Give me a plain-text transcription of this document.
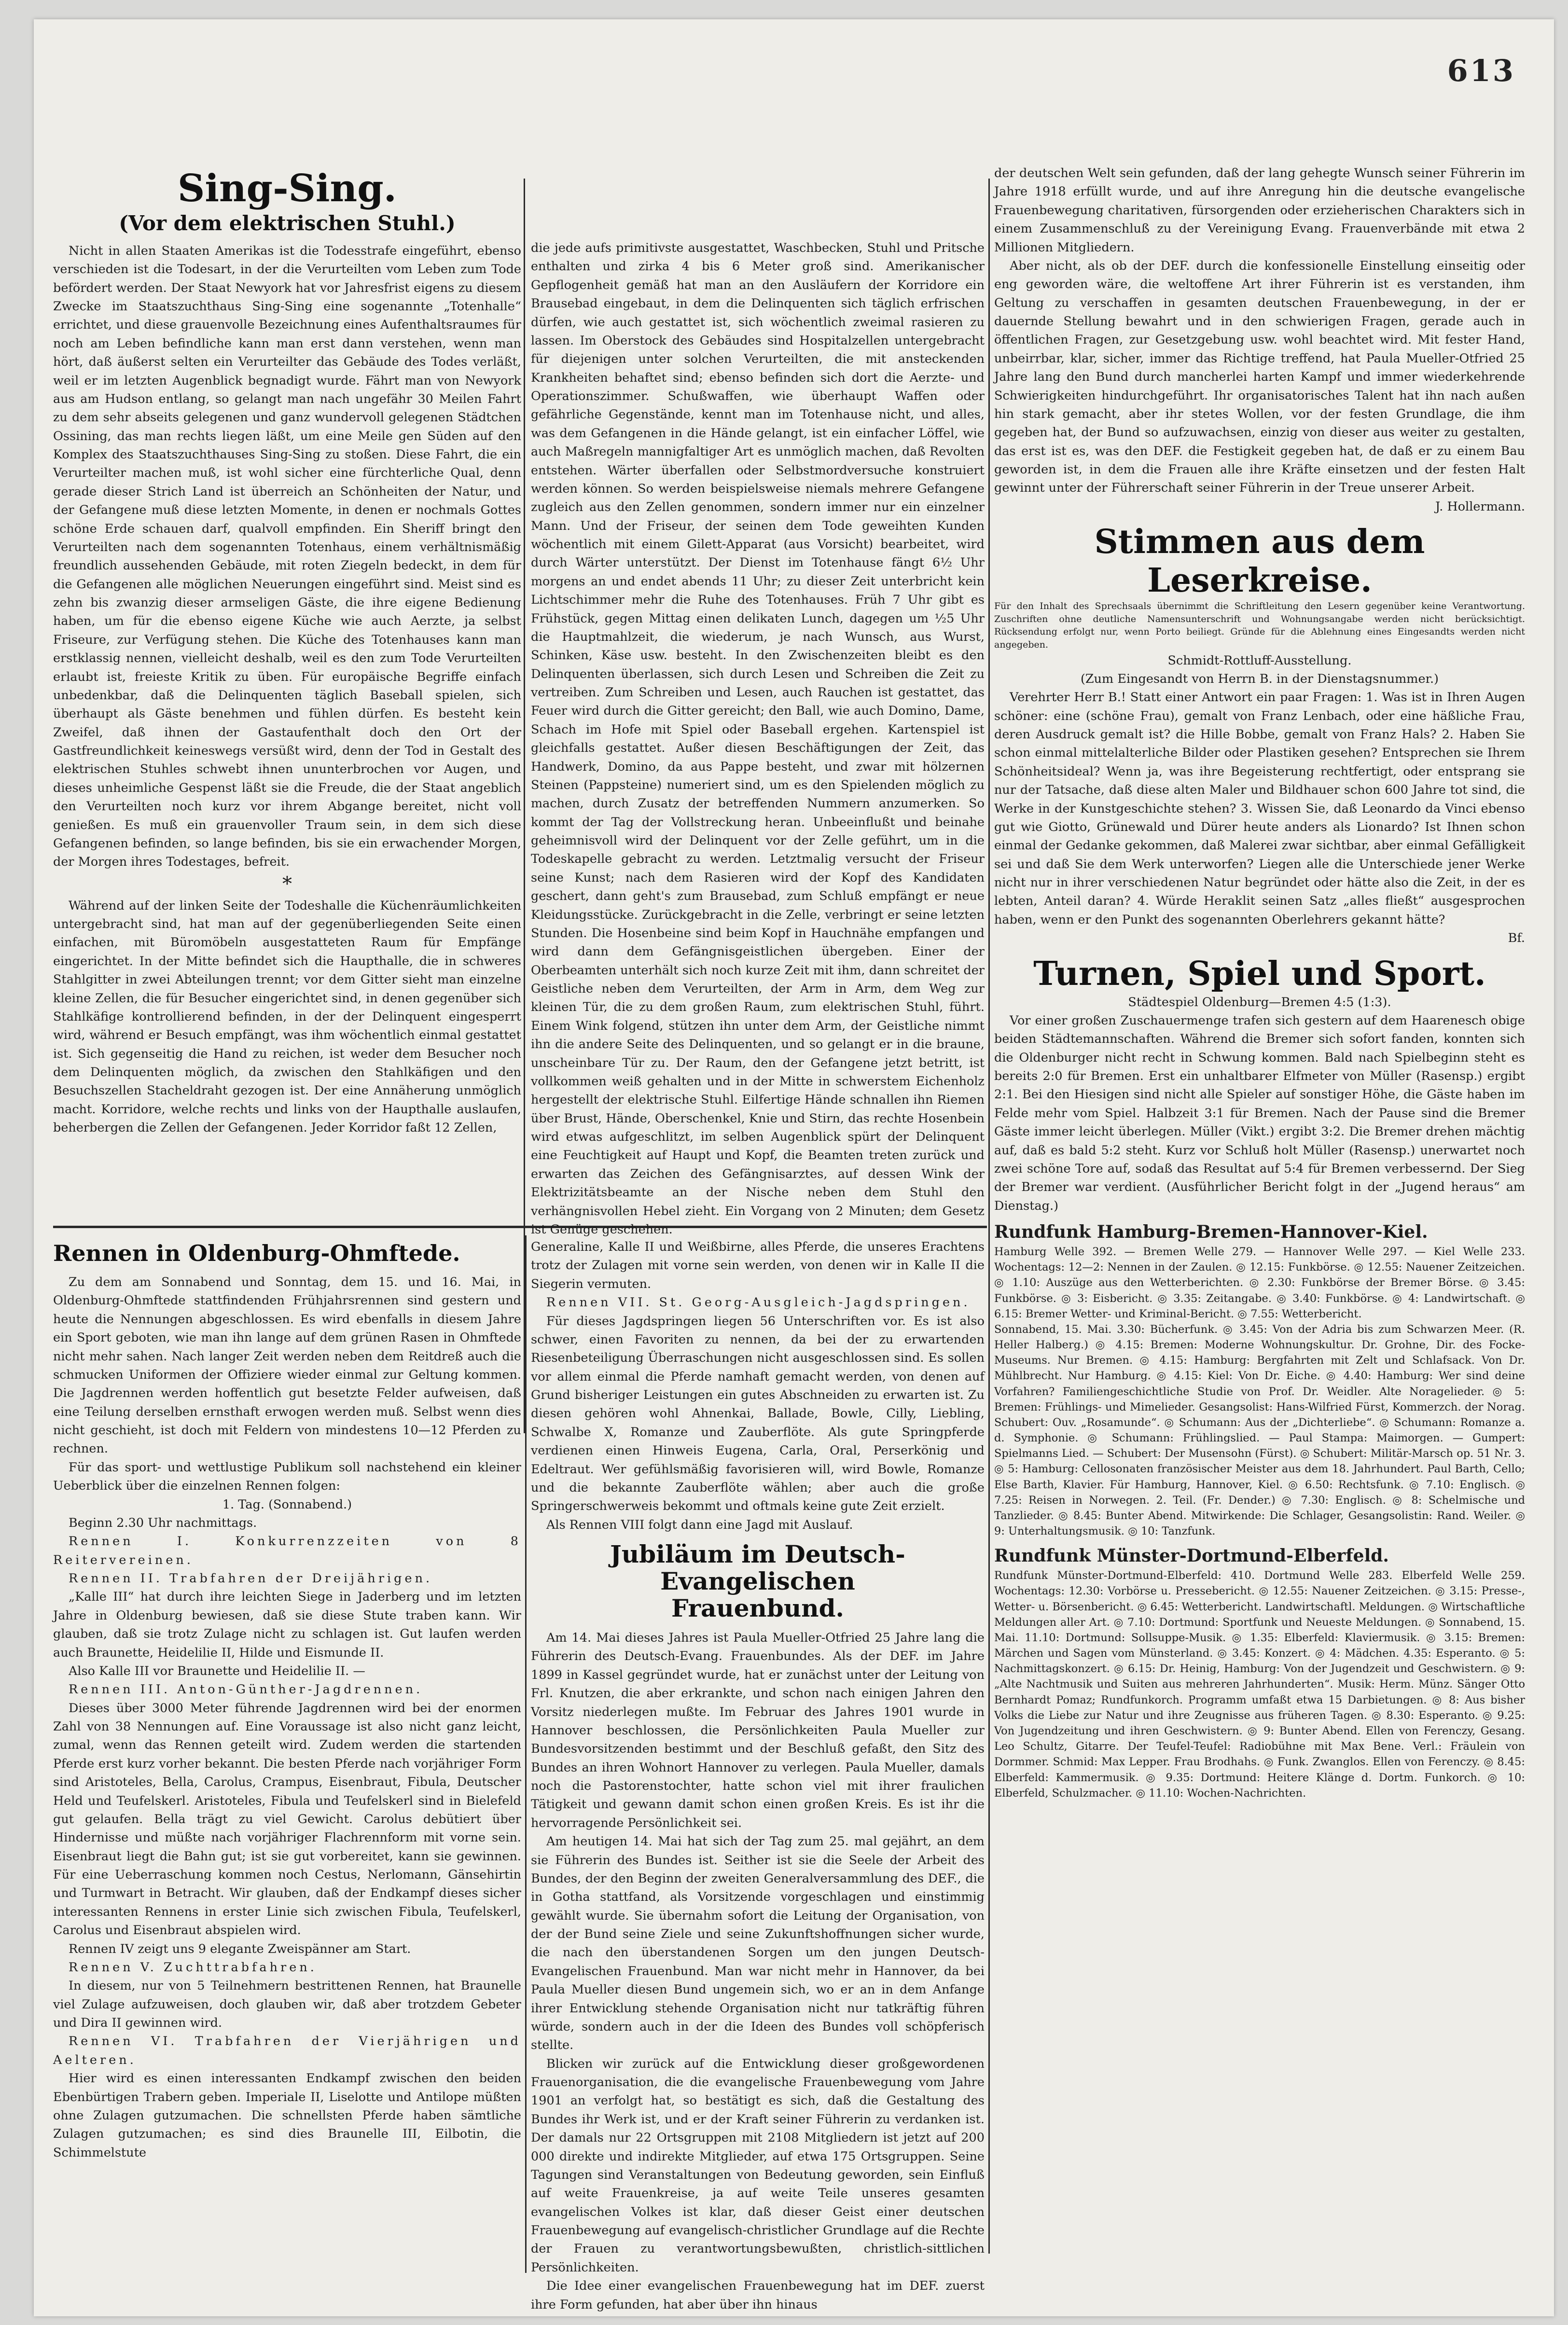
613
Sing-Sing.
(Vor dem elektrischen Stuhl.)

Nicht in allen Staaten Amerikas ist die Todesstrafe eingeführt, ebenso verschieden ist die Todesart, in der die Verurteilten vom Leben zum Tode befördert werden. Der Staat Newyork hat vor Jahresfrist eigens zu diesem Zwecke im Staatszuchthaus Sing-Sing eine sogenannte „Totenhalle“ errichtet, und diese grauenvolle Bezeichnung eines Aufenthaltsraumes für noch am Leben befindliche kann man erst dann verstehen, wenn man hört, daß äußerst selten ein Verurteilter das Gebäude des Todes verläßt, weil er im letzten Augenblick begnadigt wurde. Fährt man von Newyork aus am Hudson entlang, so gelangt man nach ungefähr 30 Meilen Fahrt zu dem sehr abseits gelegenen und ganz wundervoll gelegenen Städtchen Ossining, das man rechts liegen läßt, um eine Meile gen Süden auf den Komplex des Staatszuchthauses Sing-Sing zu stoßen. Diese Fahrt, die ein Verurteilter machen muß, ist wohl sicher eine fürchterliche Qual, denn gerade dieser Strich Land ist überreich an Schönheiten der Natur, und der Gefangene muß diese letzten Momente, in denen er nochmals Gottes schöne Erde schauen darf, qualvoll empfinden. Ein Sheriff bringt den Verurteilten nach dem sogenannten Totenhaus, einem verhältnismäßig freundlich aussehenden Gebäude, mit roten Ziegeln bedeckt, in dem für die Gefangenen alle möglichen Neuerungen eingeführt sind. Meist sind es zehn bis zwanzig dieser armseligen Gäste, die ihre eigene Bedienung haben, um für die ebenso eigene Küche wie auch Aerzte, ja selbst Friseure, zur Verfügung stehen. Die Küche des Totenhauses kann man erstklassig nennen, vielleicht deshalb, weil es den zum Tode Verurteilten erlaubt ist, freieste Kritik zu üben. Für europäische Begriffe einfach unbedenkbar, daß die Delinquenten täglich Baseball spielen, sich überhaupt als Gäste benehmen und fühlen dürfen. Es besteht kein Zweifel, daß ihnen der Gastaufenthalt doch den Ort der Gastfreundlichkeit keineswegs versüßt wird, denn der Tod in Gestalt des elektrischen Stuhles schwebt ihnen ununterbrochen vor Augen, und dieses unheimliche Gespenst läßt sie die Freude, die der Staat angeblich den Verurteilten noch kurz vor ihrem Abgange bereitet, nicht voll genießen. Es muß ein grauenvoller Traum sein, in dem sich diese Gefangenen befinden, so lange befinden, bis sie ein erwachender Morgen, der Morgen ihres Todestages, befreit.

*

Während auf der linken Seite der Todeshalle die Küchenräumlichkeiten untergebracht sind, hat man auf der gegenüberliegenden Seite einen einfachen, mit Büromöbeln ausgestatteten Raum für Empfänge eingerichtet. In der Mitte befindet sich die Haupthalle, die in schweres Stahlgitter in zwei Abteilungen trennt; vor dem Gitter sieht man einzelne kleine Zellen, die für Besucher eingerichtet sind, in denen gegenüber sich Stahlkäfige kontrollierend befinden, in der der Delinquent eingesperrt wird, während er Besuch empfängt, was ihm wöchentlich einmal gestattet ist. Sich gegenseitig die Hand zu reichen, ist weder dem Besucher noch dem Delinquenten möglich, da zwischen den Stahlkäfigen und den Besuchszellen Stacheldraht gezogen ist. Der eine Annäherung unmöglich macht. Korridore, welche rechts und links von der Haupthalle auslaufen, beherbergen die Zellen der Gefangenen. Jeder Korridor faßt 12 Zellen,

die jede aufs primitivste ausgestattet, Waschbecken, Stuhl und Pritsche enthalten und zirka 4 bis 6 Meter groß sind. Amerikanischer Gepflogenheit gemäß hat man an den Ausläufern der Korridore ein Brausebad eingebaut, in dem die Delinquenten sich täglich erfrischen dürfen, wie auch gestattet ist, sich wöchentlich zweimal rasieren zu lassen. Im Oberstock des Gebäudes sind Hospitalzellen untergebracht für diejenigen unter solchen Verurteilten, die mit ansteckenden Krankheiten behaftet sind; ebenso befinden sich dort die Aerzte- und Operationszimmer. Schußwaffen, wie überhaupt Waffen oder gefährliche Gegenstände, kennt man im Totenhause nicht, und alles, was dem Gefangenen in die Hände gelangt, ist ein einfacher Löffel, wie auch Maßregeln mannigfaltiger Art es unmöglich machen, daß Revolten entstehen. Wärter überfallen oder Selbstmordversuche konstruiert werden können. So werden beispielsweise niemals mehrere Gefangene zugleich aus den Zellen genommen, sondern immer nur ein einzelner Mann. Und der Friseur, der seinen dem Tode geweihten Kunden wöchentlich mit einem Gilett-Apparat (aus Vorsicht) bearbeitet, wird durch Wärter unterstützt. Der Dienst im Totenhause fängt 6½ Uhr morgens an und endet abends 11 Uhr; zu dieser Zeit unterbricht kein Lichtschimmer mehr die Ruhe des Totenhauses. Früh 7 Uhr gibt es Frühstück, gegen Mittag einen delikaten Lunch, dagegen um ½5 Uhr die Hauptmahlzeit, die wiederum, je nach Wunsch, aus Wurst, Schinken, Käse usw. besteht. In den Zwischenzeiten bleibt es den Delinquenten überlassen, sich durch Lesen und Schreiben die Zeit zu vertreiben. Zum Schreiben und Lesen, auch Rauchen ist gestattet, das Feuer wird durch die Gitter gereicht; den Ball, wie auch Domino, Dame, Schach im Hofe mit Spiel oder Baseball ergehen. Kartenspiel ist gleichfalls gestattet. Außer diesen Beschäftigungen der Zeit, das Handwerk, Domino, da aus Pappe besteht, und zwar mit hölzernen Steinen (Pappsteine) numeriert sind, um es den Spielenden möglich zu machen, durch Zusatz der betreffenden Nummern anzumerken. So kommt der Tag der Vollstreckung heran. Unbeeinflußt und beinahe geheimnisvoll wird der Delinquent vor der Zelle geführt, um in die Todeskapelle gebracht zu werden. Letztmalig versucht der Friseur seine Kunst; nach dem Rasieren wird der Kopf des Kandidaten geschert, dann geht's zum Brausebad, zum Schluß empfängt er neue Kleidungsstücke. Zurückgebracht in die Zelle, verbringt er seine letzten Stunden. Die Hosenbeine sind beim Kopf in Hauchnähe empfangen und wird dann dem Gefängnisgeistlichen übergeben. Einer der Oberbeamten unterhält sich noch kurze Zeit mit ihm, dann schreitet der Geistliche neben dem Verurteilten, der Arm in Arm, dem Weg zur kleinen Tür, die zu dem großen Raum, zum elektrischen Stuhl, führt. Einem Wink folgend, stützen ihn unter dem Arm, der Geistliche nimmt ihn die andere Seite des Delinquenten, und so gelangt er in die braune, unscheinbare Tür zu. Der Raum, den der Gefangene jetzt betritt, ist vollkommen weiß gehalten und in der Mitte in schwerstem Eichenholz hergestellt der elektrische Stuhl. Eilfertige Hände schnallen ihn Riemen über Brust, Hände, Oberschenkel, Knie und Stirn, das rechte Hosenbein wird etwas aufgeschlitzt, im selben Augenblick spürt der Delinquent eine Feuchtigkeit auf Haupt und Kopf, die Beamten treten zurück und erwarten das Zeichen des Gefängnisarztes, auf dessen Wink der Elektrizitätsbeamte an der Nische neben dem Stuhl den verhängnisvollen Hebel zieht. Ein Vorgang von 2 Minuten; dem Gesetz ist Genüge geschehen.

Rennen in Oldenburg-Ohmftede.

Zu dem am Sonnabend und Sonntag, dem 15. und 16. Mai, in Oldenburg-Ohmftede stattfindenden Frühjahrsrennen sind gestern und heute die Nennungen abgeschlossen. Es wird ebenfalls in diesem Jahre ein Sport geboten, wie man ihn lange auf dem grünen Rasen in Ohmftede nicht mehr sahen. Nach langer Zeit werden neben dem Reitdreß auch die schmucken Uniformen der Offiziere wieder einmal zur Geltung kommen. Die Jagdrennen werden hoffentlich gut besetzte Felder aufweisen, daß eine Teilung derselben ernsthaft erwogen werden muß. Selbst wenn dies nicht geschieht, ist doch mit Feldern von mindestens 10—12 Pferden zu rechnen.

Für das sport- und wettlustige Publikum soll nachstehend ein kleiner Ueberblick über die einzelnen Rennen folgen:

1. Tag. (Sonnabend.)

Beginn 2.30 Uhr nachmittags.

Rennen I. Konkurrenzzeiten von 8 Reitervereinen.

Rennen II. Trabfahren der Dreijährigen.

„Kalle III“ hat durch ihre leichten Siege in Jaderberg und im letzten Jahre in Oldenburg bewiesen, daß sie diese Stute traben kann. Wir glauben, daß sie trotz Zulage nicht zu schlagen ist. Gut laufen werden auch Braunette, Heidelilie II, Hilde und Eismunde II.

Also Kalle III vor Braunette und Heidelilie II. —

Rennen III. Anton-Günther-Jagdrennen.

Dieses über 3000 Meter führende Jagdrennen wird bei der enormen Zahl von 38 Nennungen auf. Eine Voraussage ist also nicht ganz leicht, zumal, wenn das Rennen geteilt wird. Zudem werden die startenden Pferde erst kurz vorher bekannt. Die besten Pferde nach vorjähriger Form sind Aristoteles, Bella, Carolus, Crampus, Eisenbraut, Fibula, Deutscher Held und Teufelskerl. Aristoteles, Fibula und Teufelskerl sind in Bielefeld gut gelaufen. Bella trägt zu viel Gewicht. Carolus debütiert über Hindernisse und müßte nach vorjähriger Flachrennform mit vorne sein. Eisenbraut liegt die Bahn gut; ist sie gut vorbereitet, kann sie gewinnen. Für eine Ueberraschung kommen noch Cestus, Nerlomann, Gänsehirtin und Turmwart in Betracht. Wir glauben, daß der Endkampf dieses sicher interessanten Rennens in erster Linie sich zwischen Fibula, Teufelskerl, Carolus und Eisenbraut abspielen wird.

Rennen IV zeigt uns 9 elegante Zweispänner am Start.

Rennen V. Zuchttrabfahren.

In diesem, nur von 5 Teilnehmern bestrittenen Rennen, hat Braunelle viel Zulage aufzuweisen, doch glauben wir, daß aber trotzdem Gebeter und Dira II gewinnen wird.

Rennen VI. Trabfahren der Vierjährigen und Aelteren.

Hier wird es einen interessanten Endkampf zwischen den beiden Ebenbürtigen Trabern geben. Imperiale II, Liselotte und Antilope müßten ohne Zulagen gutzumachen. Die schnellsten Pferde haben sämtliche Zulagen gutzumachen; es sind dies Braunelle III, Eilbotin, die Schimmelstute

Generaline, Kalle II und Weißbirne, alles Pferde, die unseres Erachtens trotz der Zulagen mit vorne sein werden, von denen wir in Kalle II die Siegerin vermuten.

Rennen VII. St. Georg-Ausgleich-Jagdspringen.

Für dieses Jagdspringen liegen 56 Unterschriften vor. Es ist also schwer, einen Favoriten zu nennen, da bei der zu erwartenden Riesenbeteiligung Überraschungen nicht ausgeschlossen sind. Es sollen vor allem einmal die Pferde namhaft gemacht werden, von denen auf Grund bisheriger Leistungen ein gutes Abschneiden zu erwarten ist. Zu diesen gehören wohl Ahnenkai, Ballade, Bowle, Cilly, Liebling, Schwalbe X, Romanze und Zauberflöte. Als gute Springpferde verdienen einen Hinweis Eugena, Carla, Oral, Perserkönig und Edeltraut. Wer gefühlsmäßig favorisieren will, wird Bowle, Romanze und die bekannte Zauberflöte wählen; aber auch die große Springerschwerweis bekommt und oftmals keine gute Zeit erzielt.

Als Rennen VIII folgt dann eine Jagd mit Auslauf.

Jubiläum im Deutsch-Evangelischen
Frauenbund.

Am 14. Mai dieses Jahres ist Paula Mueller-Otfried 25 Jahre lang die Führerin des Deutsch-Evang. Frauenbundes. Als der DEF. im Jahre 1899 in Kassel gegründet wurde, hat er zunächst unter der Leitung von Frl. Knutzen, die aber erkrankte, und schon nach einigen Jahren den Vorsitz niederlegen mußte. Im Februar des Jahres 1901 wurde in Hannover beschlossen, die Persönlichkeiten Paula Mueller zur Bundesvorsitzenden bestimmt und der Beschluß gefaßt, den Sitz des Bundes an ihren Wohnort Hannover zu verlegen. Paula Mueller, damals noch die Pastorenstochter, hatte schon viel mit ihrer fraulichen Tätigkeit und gewann damit schon einen großen Kreis. Es ist ihr die hervorragende Persönlichkeit sei.

Am heutigen 14. Mai hat sich der Tag zum 25. mal gejährt, an dem sie Führerin des Bundes ist. Seither ist sie die Seele der Arbeit des Bundes, der den Beginn der zweiten Generalversammlung des DEF., die in Gotha stattfand, als Vorsitzende vorgeschlagen und einstimmig gewählt wurde. Sie übernahm sofort die Leitung der Organisation, von der der Bund seine Ziele und seine Zukunftshoffnungen sicher wurde, die nach den überstandenen Sorgen um den jungen Deutsch-Evangelischen Frauenbund. Man war nicht mehr in Hannover, da bei Paula Mueller diesen Bund ungemein sich, wo er an in dem Anfange ihrer Entwicklung stehende Organisation nicht nur tatkräftig führen würde, sondern auch in der die Ideen des Bundes voll schöpferisch stellte.

Blicken wir zurück auf die Entwicklung dieser großgewordenen Frauenorganisation, die die evangelische Frauenbewegung vom Jahre 1901 an verfolgt hat, so bestätigt es sich, daß die Gestaltung des Bundes ihr Werk ist, und er der Kraft seiner Führerin zu verdanken ist. Der damals nur 22 Ortsgruppen mit 2108 Mitgliedern ist jetzt auf 200 000 direkte und indirekte Mitglieder, auf etwa 175 Ortsgruppen. Seine Tagungen sind Veranstaltungen von Bedeutung geworden, sein Einfluß auf weite Frauenkreise, ja auf weite Teile unseres gesamten evangelischen Volkes ist klar, daß dieser Geist einer deutschen Frauenbewegung auf evangelisch-christlicher Grundlage auf die Rechte der Frauen zu verantwortungsbewußten, christlich-sittlichen Persönlichkeiten.

Die Idee einer evangelischen Frauenbewegung hat im DEF. zuerst ihre Form gefunden, hat aber über ihn hinaus

der deutschen Welt sein gefunden, daß der lang gehegte Wunsch seiner Führerin im Jahre 1918 erfüllt wurde, und auf ihre Anregung hin die deutsche evangelische Frauenbewegung charitativen, fürsorgenden oder erzieherischen Charakters sich in einem Zusammenschluß zu der Vereinigung Evang. Frauenverbände mit etwa 2 Millionen Mitgliedern.

Aber nicht, als ob der DEF. durch die konfessionelle Einstellung einseitig oder eng geworden wäre, die weltoffene Art ihrer Führerin ist es verstanden, ihm Geltung zu verschaffen in gesamten deutschen Frauenbewegung, in der er dauernde Stellung bewahrt und in den schwierigen Fragen, gerade auch in öffentlichen Fragen, zur Gesetzgebung usw. wohl beachtet wird. Mit fester Hand, unbeirrbar, klar, sicher, immer das Richtige treffend, hat Paula Mueller-Otfried 25 Jahre lang den Bund durch mancherlei harten Kampf und immer wiederkehrende Schwierigkeiten hindurchgeführt. Ihr organisatorisches Talent hat ihn nach außen hin stark gemacht, aber ihr stetes Wollen, vor der festen Grundlage, die ihm gegeben hat, der Bund so aufzuwachsen, einzig von dieser aus weiter zu gestalten, das erst ist es, was den DEF. die Festigkeit gegeben hat, de daß er zu einem Bau geworden ist, in dem die Frauen alle ihre Kräfte einsetzen und der festen Halt gewinnt unter der Führerschaft seiner Führerin in der Treue unserer Arbeit.

J. Hollermann.

Stimmen aus dem Leserkreise.

Für den Inhalt des Sprechsaals übernimmt die Schriftleitung den Lesern gegenüber keine Verantwortung. Zuschriften ohne deutliche Namensunterschrift und Wohnungsangabe werden nicht berücksichtigt. Rücksendung erfolgt nur, wenn Porto beiliegt. Gründe für die Ablehnung eines Eingesandts werden nicht angegeben.

Schmidt-Rottluff-Ausstellung.

(Zum Eingesandt von Herrn B. in der Dienstagsnummer.)

Verehrter Herr B.! Statt einer Antwort ein paar Fragen: 1. Was ist in Ihren Augen schöner: eine (schöne Frau), gemalt von Franz Lenbach, oder eine häßliche Frau, deren Ausdruck gemalt ist? die Hille Bobbe, gemalt von Franz Hals? 2. Haben Sie schon einmal mittelalterliche Bilder oder Plastiken gesehen? Entsprechen sie Ihrem Schönheitsideal? Wenn ja, was ihre Begeisterung rechtfertigt, oder entsprang sie nur der Tatsache, daß diese alten Maler und Bildhauer schon 600 Jahre tot sind, die Werke in der Kunstgeschichte stehen? 3. Wissen Sie, daß Leonardo da Vinci ebenso gut wie Giotto, Grünewald und Dürer heute anders als Lionardo? Ist Ihnen schon einmal der Gedanke gekommen, daß Malerei zwar sichtbar, aber einmal Gefälligkeit sei und daß Sie dem Werk unterworfen? Liegen alle die Unterschiede jener Werke nicht nur in ihrer verschiedenen Natur begründet oder hätte also die Zeit, in der es lebten, Anteil daran? 4. Würde Heraklit seinen Satz „alles fließt“ ausgesprochen haben, wenn er den Punkt des sogenannten Oberlehrers gekannt hätte?

Bf.

Turnen, Spiel und Sport.

Städtespiel Oldenburg—Bremen 4:5 (1:3).

Vor einer großen Zuschauermenge trafen sich gestern auf dem Haarenesch obige beiden Städtemannschaften. Während die Bremer sich sofort fanden, konnten sich die Oldenburger nicht recht in Schwung kommen. Bald nach Spielbeginn steht es bereits 2:0 für Bremen. Erst ein unhaltbarer Elfmeter von Müller (Rasensp.) ergibt 2:1. Bei den Hiesigen sind nicht alle Spieler auf sonstiger Höhe, die Gäste haben im Felde mehr vom Spiel. Halbzeit 3:1 für Bremen. Nach der Pause sind die Bremer Gäste immer leicht überlegen. Müller (Vikt.) ergibt 3:2. Die Bremer drehen mächtig auf, daß es bald 5:2 steht. Kurz vor Schluß holt Müller (Rasensp.) unerwartet noch zwei schöne Tore auf, sodaß das Resultat auf 5:4 für Bremen verbessernd. Der Sieg der Bremer war verdient. (Ausführlicher Bericht folgt in der „Jugend heraus“ am Dienstag.)

Rundfunk Hamburg-Bremen-Hannover-Kiel.

Hamburg Welle 392. — Bremen Welle 279. — Hannover Welle 297. — Kiel Welle 233. Wochentags: 12—2: Nennen in der Zaulen. ◎ 12.15: Funkbörse. ◎ 12.55: Nauener Zeitzeichen. ◎ 1.10: Auszüge aus den Wetterberichten. ◎ 2.30: Funkbörse der Bremer Börse. ◎ 3.45: Funkbörse. ◎ 3: Eisbericht. ◎ 3.35: Zeitangabe. ◎ 3.40: Funkbörse. ◎ 4: Landwirtschaft. ◎ 6.15: Bremer Wetter- und Kriminal-Bericht. ◎ 7.55: Wetterbericht.

Sonnabend, 15. Mai. 3.30: Bücherfunk. ◎ 3.45: Von der Adria bis zum Schwarzen Meer. (R. Heller Halberg.) ◎ 4.15: Bremen: Moderne Wohnungskultur. Dr. Grohne, Dir. des Focke-Museums. Nur Bremen. ◎ 4.15: Hamburg: Bergfahrten mit Zelt und Schlafsack. Von Dr. Mühlbrecht. Nur Hamburg. ◎ 4.15: Kiel: Von Dr. Eiche. ◎ 4.40: Hamburg: Wer sind deine Vorfahren? Familiengeschichtliche Studie von Prof. Dr. Weidler. Alte Noragelieder. ◎ 5: Bremen: Frühlings- und Mimelieder. Gesangsolist: Hans-Wilfried Fürst, Kommerzch. der Norag. Schubert: Ouv. „Rosamunde“. ◎ Schumann: Aus der „Dichterliebe“. ◎ Schumann: Romanze a. d. Symphonie. ◎ Schumann: Frühlingslied. — Paul Stampa: Maimorgen. — Gumpert: Spielmanns Lied. — Schubert: Der Musensohn (Fürst). ◎ Schubert: Militär-Marsch op. 51 Nr. 3. ◎ 5: Hamburg: Cellosonaten französischer Meister aus dem 18. Jahrhundert. Paul Barth, Cello; Else Barth, Klavier. Für Hamburg, Hannover, Kiel. ◎ 6.50: Rechtsfunk. ◎ 7.10: Englisch. ◎ 7.25: Reisen in Norwegen. 2. Teil. (Fr. Dender.) ◎ 7.30: Englisch. ◎ 8: Schelmische und Tanzlieder. ◎ 8.45: Bunter Abend. Mitwirkende: Die Schlager, Gesangsolistin: Rand. Weiler. ◎ 9: Unterhaltungsmusik. ◎ 10: Tanzfunk.

Rundfunk Münster-Dortmund-Elberfeld.

Rundfunk Münster-Dortmund-Elberfeld: 410. Dortmund Welle 283. Elberfeld Welle 259. Wochentags: 12.30: Vorbörse u. Pressebericht. ◎ 12.55: Nauener Zeitzeichen. ◎ 3.15: Presse-, Wetter- u. Börsenbericht. ◎ 6.45: Wetterbericht. Landwirtschaftl. Meldungen. ◎ Wirtschaftliche Meldungen aller Art. ◎ 7.10: Dortmund: Sportfunk und Neueste Meldungen. ◎ Sonnabend, 15. Mai. 11.10: Dortmund: Sollsuppe-Musik. ◎ 1.35: Elberfeld: Klaviermusik. ◎ 3.15: Bremen: Märchen und Sagen vom Münsterland. ◎ 3.45: Konzert. ◎ 4: Mädchen. 4.35: Esperanto. ◎ 5: Nachmittagskonzert. ◎ 6.15: Dr. Heinig, Hamburg: Von der Jugendzeit und Geschwistern. ◎ 9: „Alte Nachtmusik und Suiten aus mehreren Jahrhunderten“. Musik: Herm. Münz. Sänger Otto Bernhardt Pomaz; Rundfunkorch. Programm umfaßt etwa 15 Darbietungen. ◎ 8: Aus bisher Volks die Liebe zur Natur und ihre Zeugnisse aus früheren Tagen. ◎ 8.30: Esperanto. ◎ 9.25: Von Jugendzeitung und ihren Geschwistern. ◎ 9: Bunter Abend. Ellen von Ferenczy, Gesang. Leo Schultz, Gitarre. Der Teufel-Teufel: Radiobühne mit Max Bene. Verl.: Fräulein von Dormmer. Schmid: Max Lepper. Frau Brodhahs. ◎ Funk. Zwanglos. Ellen von Ferenczy. ◎ 8.45: Elberfeld: Kammermusik. ◎ 9.35: Dortmund: Heitere Klänge d. Dortm. Funkorch. ◎ 10: Elberfeld, Schulzmacher. ◎ 11.10: Wochen-Nachrichten.
